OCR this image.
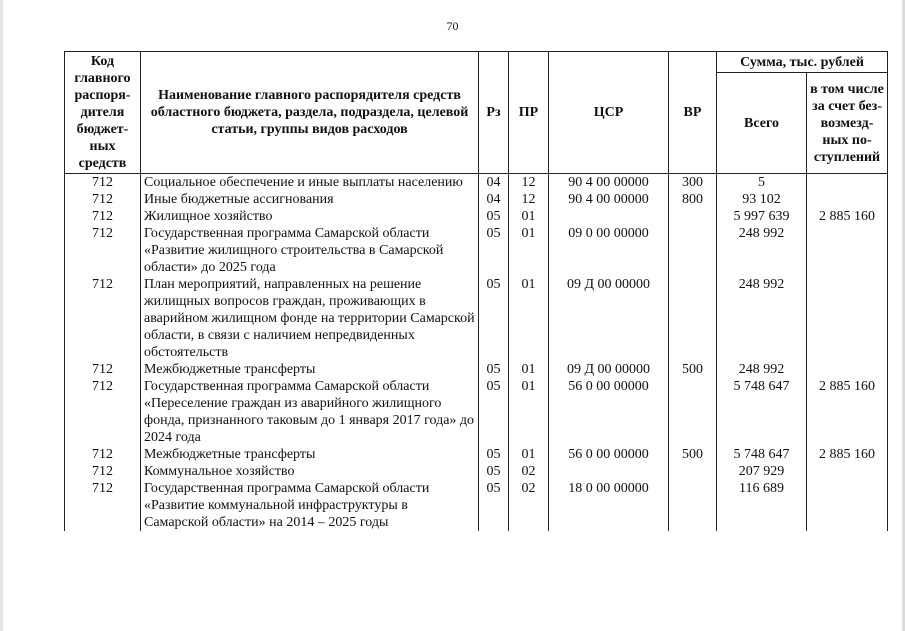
70
Код главного распоря-дителя бюджет-ных средств	Наименование главного распорядителя средств областного бюджета, раздела, подраздела, целевой статьи, группы видов расходов	Рз	ПР	ЦСР	ВР	Сумма, тыс. рублей	
						Всего	в том числе за счет без-возмезд-ных по-ступлений
712	Социальное обеспечение и иные выплаты населению	04	12	90 4 00 00000	300	5	
712	Иные бюджетные ассигнования	04	12	90 4 00 00000	800	93 102	
712	Жилищное хозяйство	05	01			5 997 639	2 885 160
712	Государственная программа Самарской области «Развитие жилищного строительства в Самарской области» до 2025 года	05	01	09 0 00 00000		248 992	
712	План мероприятий, направленных на решение жилищных вопросов граждан, проживающих в аварийном жилищном фонде на территории Самарской области, в связи с наличием непредвиденных обстоятельств	05	01	09 Д 00 00000		248 992	
712	Межбюджетные трансферты	05	01	09 Д 00 00000	500	248 992	
712	Государственная программа Самарской области «Переселение граждан из аварийного жилищного фонда, признанного таковым до 1 января 2017 года» до 2024 года	05	01	56 0 00 00000		5 748 647	2 885 160
712	Межбюджетные трансферты	05	01	56 0 00 00000	500	5 748 647	2 885 160
712	Коммунальное хозяйство	05	02			207 929	
712	Государственная программа Самарской области «Развитие коммунальной инфраструктуры в Самарской области» на 2014 – 2025 годы	05	02	18 0 00 00000		116 689	
